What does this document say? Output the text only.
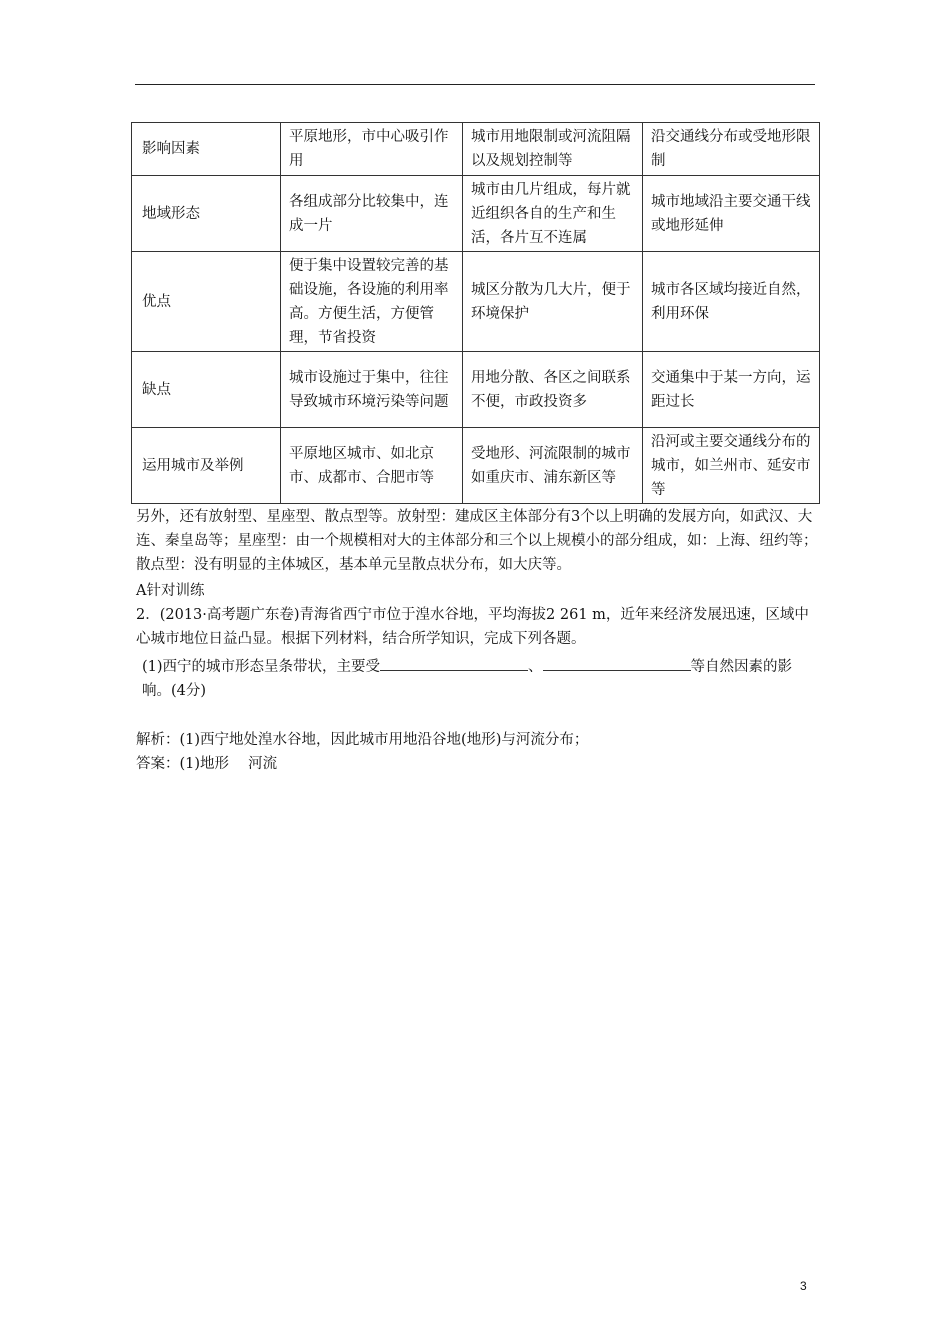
影响因素	平原地形，市中心吸引作用	城市用地限制或河流阻隔以及规划控制等	沿交通线分布或受地形限制
地域形态	各组成部分比较集中，连成一片	城市由几片组成，每片就近组织各自的生产和生活，各片互不连属	城市地域沿主要交通干线或地形延伸
优点	便于集中设置较完善的基础设施，各设施的利用率高。方便生活，方便管理，节省投资	城区分散为几大片，便于环境保护	城市各区域均接近自然，利用环保
缺点	城市设施过于集中，往往导致城市环境污染等问题	用地分散、各区之间联系不便，市政投资多	交通集中于某一方向，运距过长
运用城市及举例	平原地区城市、如北京市、成都市、合肥市等	受地形、河流限制的城市如重庆市、浦东新区等	沿河或主要交通线分布的城市，如兰州市、延安市等
另外，还有放射型、星座型、散点型等。放射型：建成区主体部分有3个以上明确的发展方向，如武汉、大连、秦皇岛等；星座型：由一个规模相对大的主体部分和三个以上规模小的部分组成，如：上海、纽约等；散点型：没有明显的主体城区，基本单元呈散点状分布，如大庆等。
A针对训练
2．(2013·高考题广东卷)青海省西宁市位于湟水谷地，平均海拔2 261 m，近年来经济发展迅速，区域中心城市地位日益凸显。根据下列材料，结合所学知识，完成下列各题。
(1)西宁的城市形态呈条带状，主要受	、	等自然因素的影响。(4分)
解析：(1)西宁地处湟水谷地，因此城市用地沿谷地(地形)与河流分布；
答案：(1)地形　 河流
3
